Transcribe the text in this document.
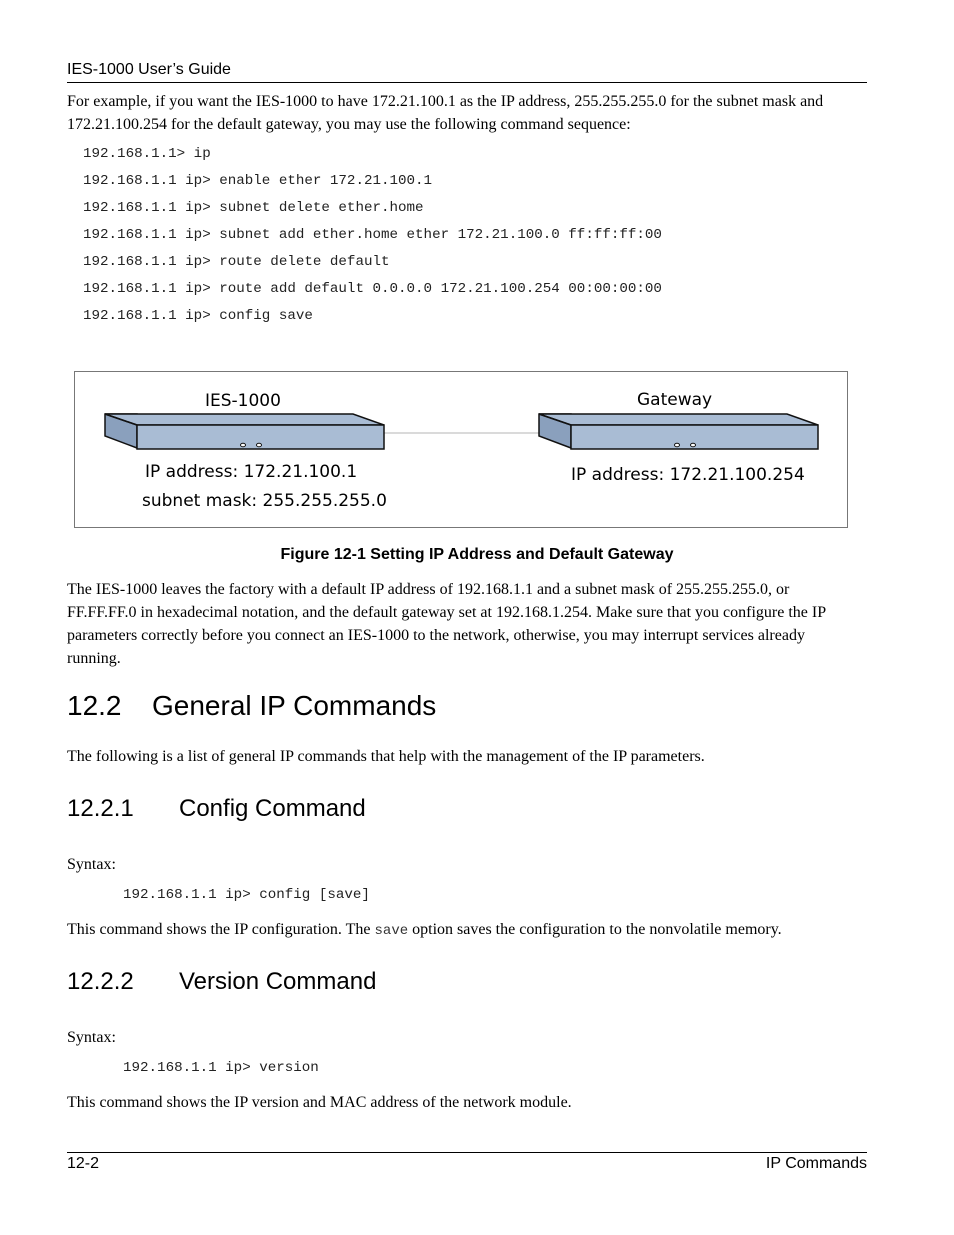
IES-1000 User’s Guide
For example, if you want the IES-1000 to have 172.21.100.1 as the IP address, 255.255.255.0 for the subnet mask and 172.21.100.254 for the default gateway, you may use the following command sequence:
192.168.1.1> ip
192.168.1.1 ip> enable ether 172.21.100.1
192.168.1.1 ip> subnet delete ether.home
192.168.1.1 ip> subnet add ether.home ether 172.21.100.0 ff:ff:ff:00
192.168.1.1 ip> route delete default
192.168.1.1 ip> route add default 0.0.0.0 172.21.100.254 00:00:00:00
192.168.1.1 ip> config save
IES-1000
IP address: 172.21.100.1
subnet mask: 255.255.255.0
Gateway
IP address: 172.21.100.254
Figure 12-1 Setting IP Address and Default Gateway
The IES-1000 leaves the factory with a default IP address of 192.168.1.1 and a subnet mask of 255.255.255.0, or FF.FF.FF.0 in hexadecimal notation, and the default gateway set at 192.168.1.254. Make sure that you configure the IP parameters correctly before you connect an IES-1000 to the network, otherwise, you may interrupt services already running.
12.2 General IP Commands
The following is a list of general IP commands that help with the management of the IP parameters.
12.2.1 Config Command
Syntax:
192.168.1.1 ip> config [save]
This command shows the IP configuration. The save option saves the configuration to the nonvolatile memory.
12.2.2 Version Command
Syntax:
192.168.1.1 ip> version
This command shows the IP version and MAC address of the network module.
12-2	IP Commands
